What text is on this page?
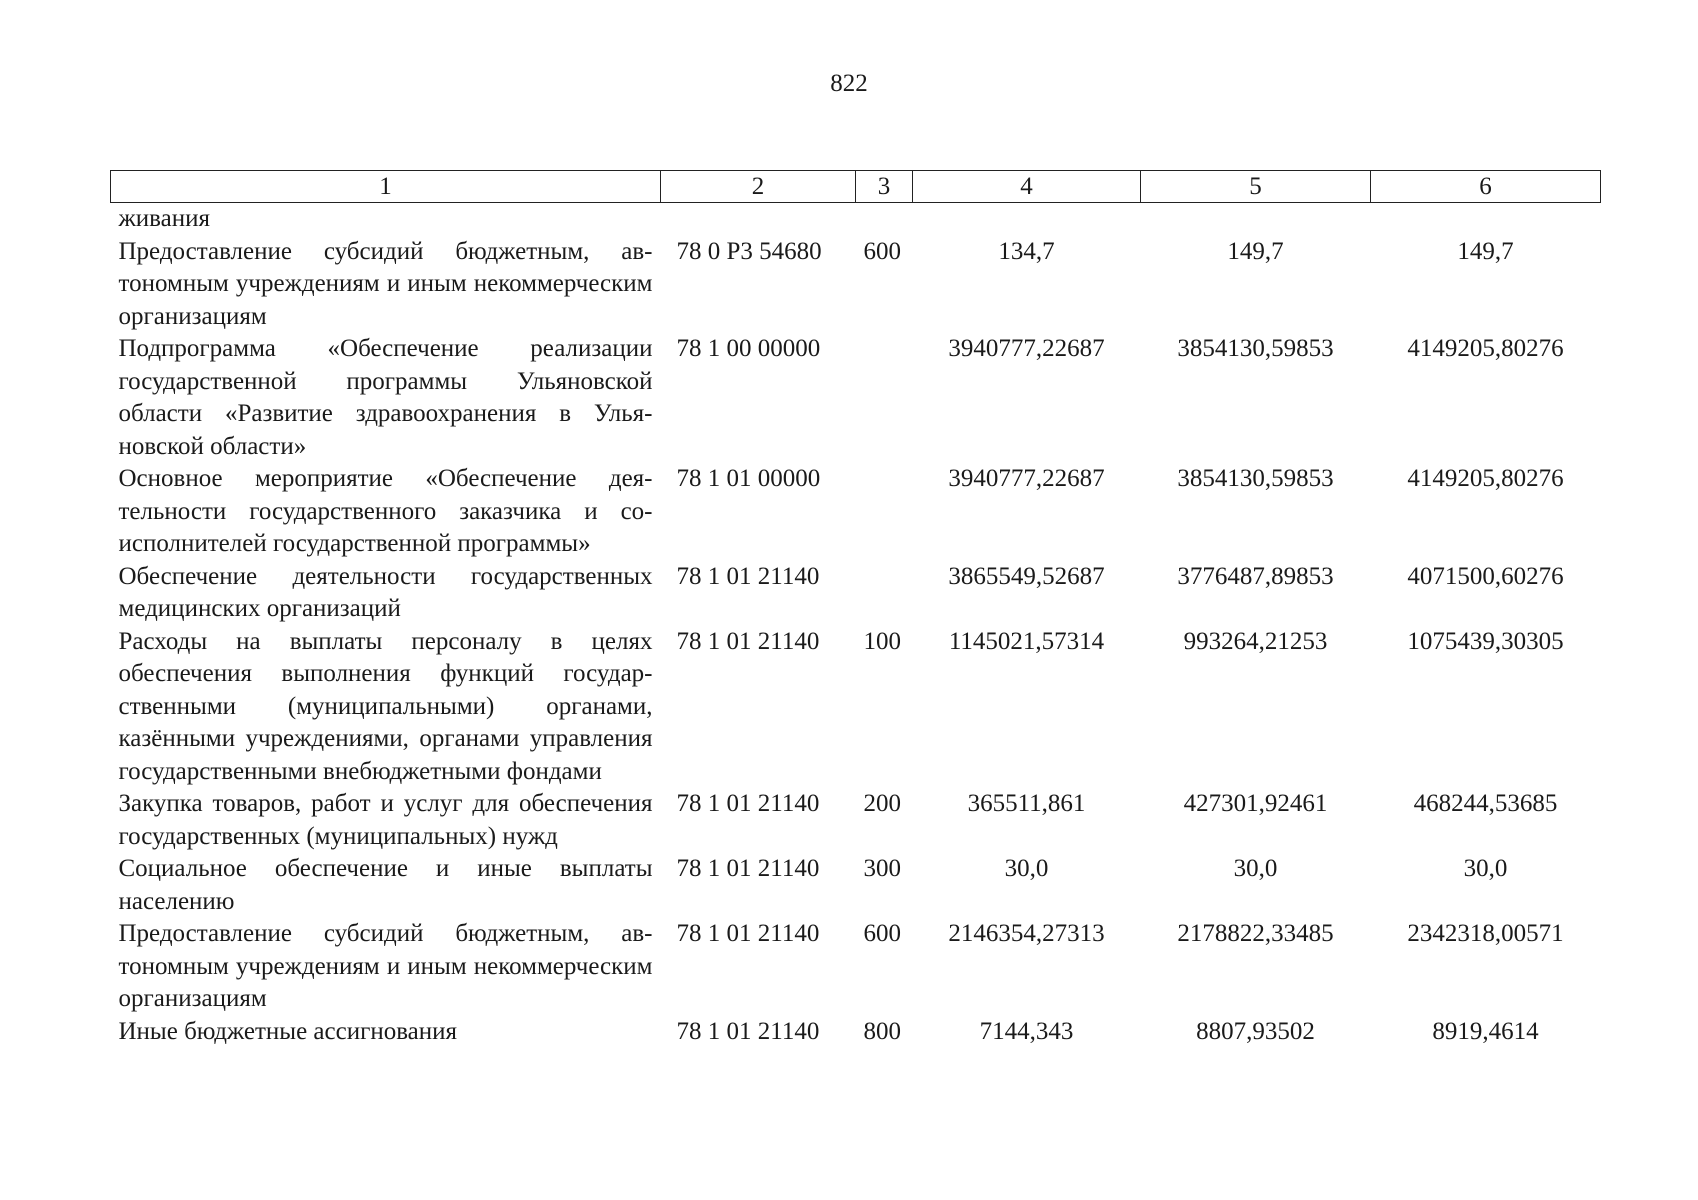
822
1	2	3	4	5	6
живания					
Предоставление субсидий бюджетным, автономным учреждениям и иным некоммерческим организациям	78 0 Р3 54680	600	134,7	149,7	149,7
Подпрограмма «Обеспечение реализации государственной программы Ульяновской области «Развитие здравоохранения в Ульяновской области»	78 1 00 00000		3940777,22687	3854130,59853	4149205,80276
Основное мероприятие «Обеспечение деятельности государственного заказчика и соисполнителей государственной программы»	78 1 01 00000		3940777,22687	3854130,59853	4149205,80276
Обеспечение деятельности государственных медицинских организаций	78 1 01 21140		3865549,52687	3776487,89853	4071500,60276
Расходы на выплаты персоналу в целях обеспечения выполнения функций государственными (муниципальными) органами, казёнными учреждениями, органами управления государственными внебюджетными фондами	78 1 01 21140	100	1145021,57314	993264,21253	1075439,30305
Закупка товаров, работ и услуг для обеспечения государственных (муниципальных) нужд	78 1 01 21140	200	365511,861	427301,92461	468244,53685
Социальное обеспечение и иные выплаты населению	78 1 01 21140	300	30,0	30,0	30,0
Предоставление субсидий бюджетным, автономным учреждениям и иным некоммерческим организациям	78 1 01 21140	600	2146354,27313	2178822,33485	2342318,00571
Иные бюджетные ассигнования	78 1 01 21140	800	7144,343	8807,93502	8919,4614
